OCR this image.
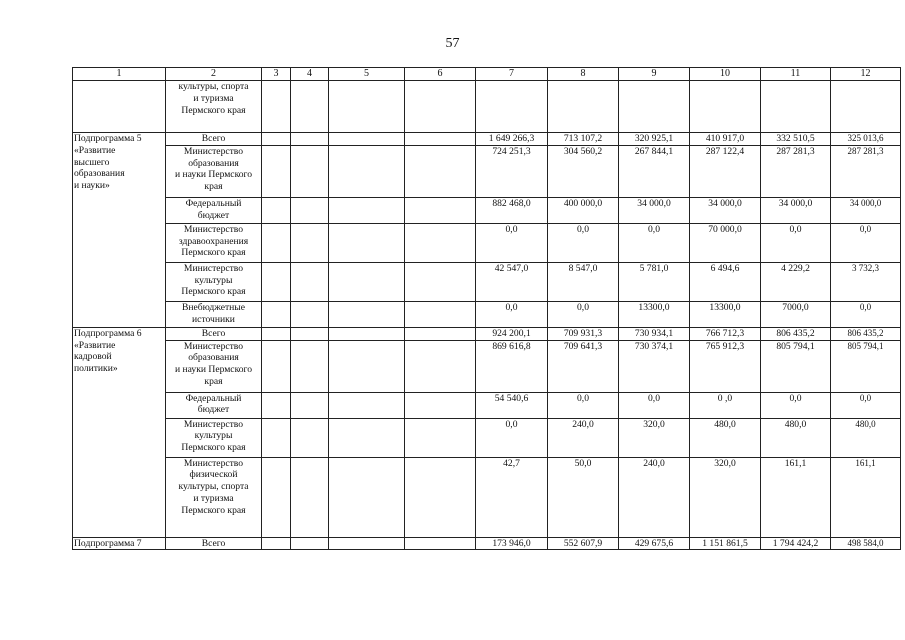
57
1	2	3	4	5	6	7	8	9	10	11	12
	культуры, спорта
и туризма
Пермского края										
Подпрограмма 5
«Развитие
высшего
образования
и науки»	Всего					1 649 266,3	713 107,2	320 925,1	410 917,0	332 510,5	325 013,6
	Министерство
образования
и науки Пермского
края					724 251,3	304 560,2	267 844,1	287 122,4	287 281,3	287 281,3
	Федеральный
бюджет					882 468,0	400 000,0	34 000,0	34 000,0	34 000,0	34 000,0
	Министерство
здравоохранения
Пермского края					0,0	0,0	0,0	70 000,0	0,0	0,0
	Министерство
культуры
Пермского края					42 547,0	8 547,0	5 781,0	6 494,6	4 229,2	3 732,3
	Внебюджетные
источники					0,0	0,0	13300,0	13300,0	7000,0	0,0
Подпрограмма 6
«Развитие
кадровой
политики»	Всего					924 200,1	709 931,3	730 934,1	766 712,3	806 435,2	806 435,2
	Министерство
образования
и науки Пермского
края					869 616,8	709 641,3	730 374,1	765 912,3	805 794,1	805 794,1
	Федеральный
бюджет					54 540,6	0,0	0,0	0 ,0	0,0	0,0
	Министерство
культуры
Пермского края					0,0	240,0	320,0	480,0	480,0	480,0
	Министерство
физической
культуры, спорта
и туризма
Пермского края					42,7	50,0	240,0	320,0	161,1	161,1
Подпрограмма 7	Всего					173 946,0	552 607,9	429 675,6	1 151 861,5	1 794 424,2	498 584,0
